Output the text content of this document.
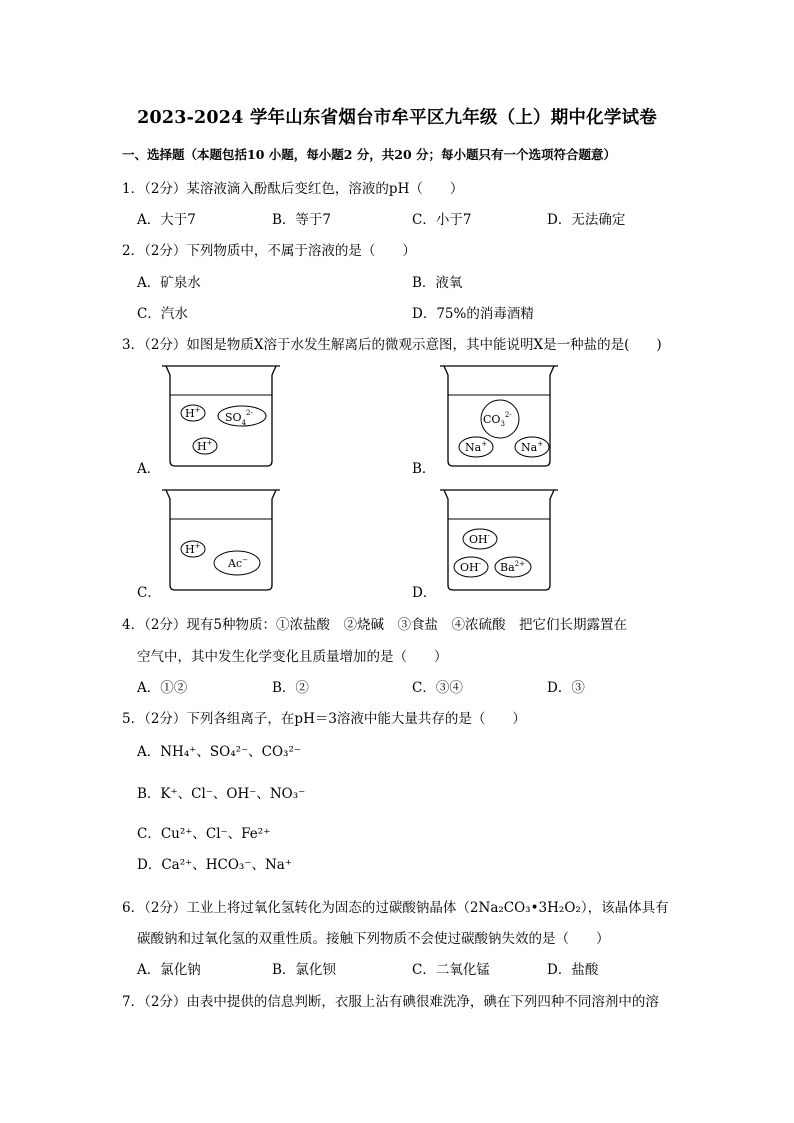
2023-2024 学年山东省烟台市牟平区九年级（上）期中化学试卷
一、选择题（本题包括10 小题，每小题2 分，共20 分；每小题只有一个选项符合题意）
1．（2分）某溶液滴入酚酞后变红色，溶液的pH（　　）
A．大于7	B．等于7	C．小于7	D．无法确定
2．（2分）下列物质中，不属于溶液的是（　　）
A．矿泉水	B．液氧
C．汽水	D．75%的消毒酒精
3．（2分）如图是物质X溶于水发生解离后的微观示意图，其中能说明X是一种盐的是(　　)
A．	B．
C．	D．
H+
$SO_4^{2-}$
H+
$CO_3^{2-}$
Na+	Na+
H+
Ac−
OH-
OH- $Ba^{2+}$
4．（2分）现有5种物质：①浓盐酸　②烧碱　③食盐　④浓硫酸　把它们长期露置在
空气中，其中发生化学变化且质量增加的是（　　）
A．①②	B．②	C．③④	D．③
5．（2分）下列各组离子，在pH＝3溶液中能大量共存的是（　　）
A．NH₄⁺、SO₄²⁻、CO₃²⁻
B．K⁺、Cl⁻、OH⁻、NO₃⁻
C．Cu²⁺、Cl⁻、Fe²⁺
D．Ca²⁺、HCO₃⁻、Na⁺
6．（2分）工业上将过氧化氢转化为固态的过碳酸钠晶体（2Na₂CO₃•3H₂O₂），该晶体具有
碳酸钠和过氧化氢的双重性质。接触下列物质不会使过碳酸钠失效的是（　　）
A．氯化钠	B．氯化钡	C．二氧化锰	D．盐酸
7．（2分）由表中提供的信息判断，衣服上沾有碘很难洗净，碘在下列四种不同溶剂中的溶
